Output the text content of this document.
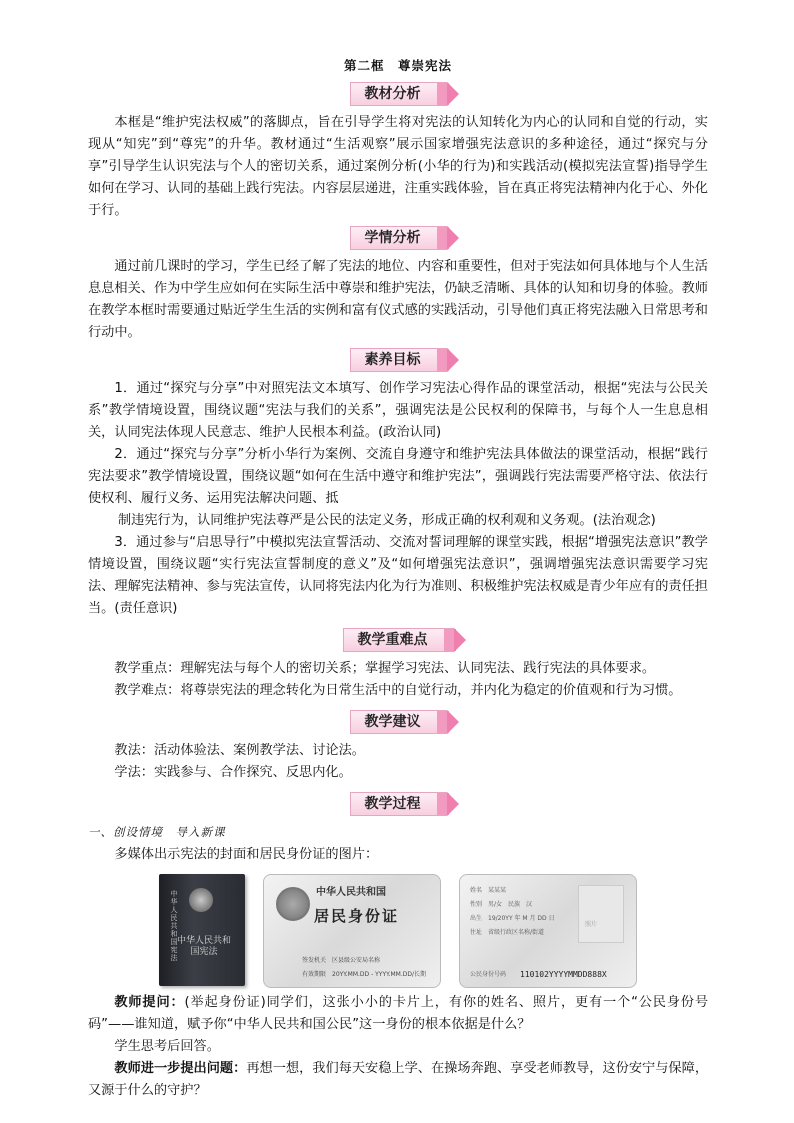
第二框　尊崇宪法
教材分析

本框是“维护宪法权威”的落脚点，旨在引导学生将对宪法的认知转化为内心的认同和自觉的行动，实现从“知宪”到“尊宪”的升华。教材通过“生活观察”展示国家增强宪法意识的多种途径，通过“探究与分享”引导学生认识宪法与个人的密切关系，通过案例分析(小华的行为)和实践活动(模拟宪法宣誓)指导学生如何在学习、认同的基础上践行宪法。内容层层递进，注重实践体验，旨在真正将宪法精神内化于心、外化于行。

学情分析

通过前几课时的学习，学生已经了解了宪法的地位、内容和重要性，但对于宪法如何具体地与个人生活息息相关、作为中学生应如何在实际生活中尊崇和维护宪法，仍缺乏清晰、具体的认知和切身的体验。教师在教学本框时需要通过贴近学生生活的实例和富有仪式感的实践活动，引导他们真正将宪法融入日常思考和行动中。

素养目标

1．通过“探究与分享”中对照宪法文本填写、创作学习宪法心得作品的课堂活动，根据“宪法与公民关系”教学情境设置，围绕议题“宪法与我们的关系”，强调宪法是公民权利的保障书，与每个人一生息息相关，认同宪法体现人民意志、维护人民根本利益。(政治认同)

2．通过“探究与分享”分析小华行为案例、交流自身遵守和维护宪法具体做法的课堂活动，根据“践行宪法要求”教学情境设置，围绕议题“如何在生活中遵守和维护宪法”，强调践行宪法需要严格守法、依法行使权利、履行义务、运用宪法解决问题、抵

制违宪行为，认同维护宪法尊严是公民的法定义务，形成正确的权利观和义务观。(法治观念)

3．通过参与“启思导行”中模拟宪法宣誓活动、交流对誓词理解的课堂实践，根据“增强宪法意识”教学情境设置，围绕议题“实行宪法宣誓制度的意义”及“如何增强宪法意识”，强调增强宪法意识需要学习宪法、理解宪法精神、参与宪法宣传，认同将宪法内化为行为准则、积极维护宪法权威是青少年应有的责任担当。(责任意识)

教学重难点

教学重点：理解宪法与每个人的密切关系；掌握学习宪法、认同宪法、践行宪法的具体要求。

教学难点：将尊崇宪法的理念转化为日常生活中的自觉行动，并内化为稳定的价值观和行为习惯。

教学建议

教法：活动体验法、案例教学法、讨论法。

学法：实践参与、合作探究、反思内化。

教学过程

一、创设情境　导入新课

多媒体出示宪法的封面和居民身份证的图片：

中华人民共和国宪法 中华人民共和国宪法
中华人民共和国
居民身份证
签发机关　区县级公安局名称
有效期限　20YY.MM.DD - YYYY.MM.DD/长期
姓名　某某某
性别　男/女　民族　汉
出生　19/20YY 年 M 月 DD 日
住址　省级行政区名称/街道
照片
公民身份号码 110102YYYYMMDD888X

教师提问：(举起身份证)同学们，这张小小的卡片上，有你的姓名、照片，更有一个“公民身份号码”——谁知道，赋予你“中华人民共和国公民”这一身份的根本依据是什么？

学生思考后回答。

教师进一步提出问题：再想一想，我们每天安稳上学、在操场奔跑、享受老师教导，这份安宁与保障，又源于什么的守护？
